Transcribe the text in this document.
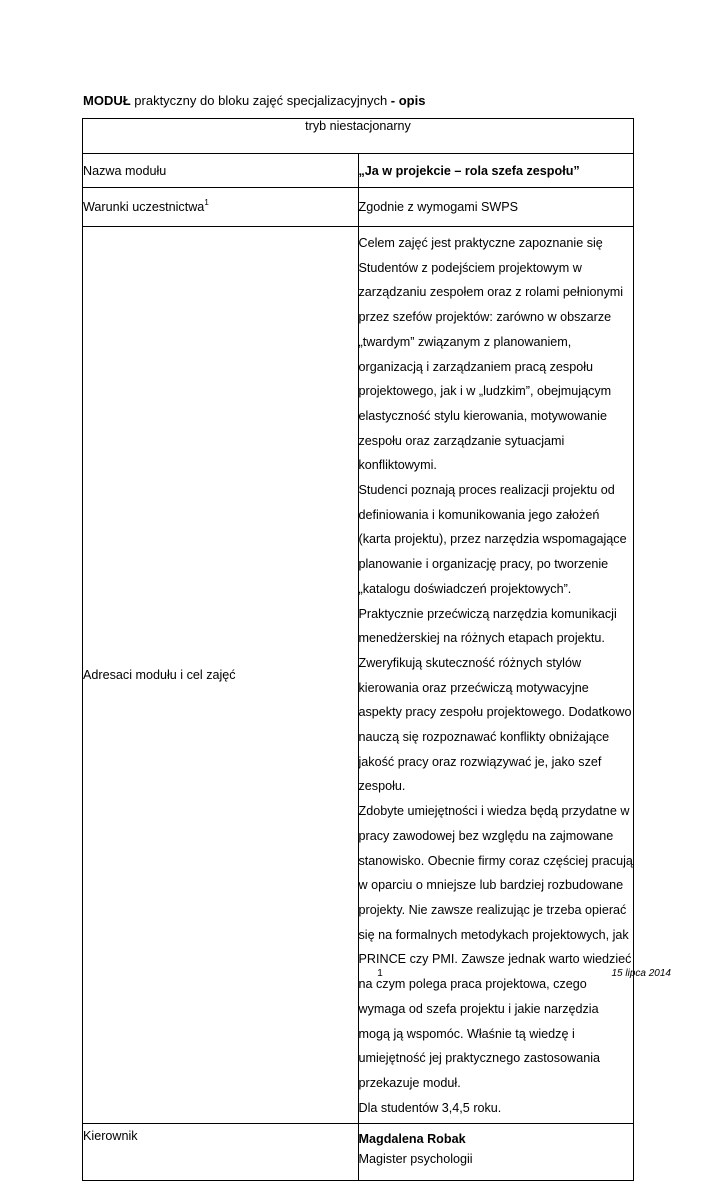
MODUŁ praktyczny do bloku zajęć specjalizacyjnych - opis
tryb niestacjonarny	
Nazwa modułu	„Ja w projekcie – rola szefa zespołu”
Warunki uczestnictwa$^1$	Zgodnie z wymogami SWPS
Adresaci modułu i cel zajęć	Celem zajęć jest praktyczne zapoznanie się Studentów z podejściem projektowym w zarządzaniu zespołem oraz z rolami pełnionymi przez szefów projektów: zarówno w obszarze „twardym” związanym z planowaniem, organizacją i zarządzaniem pracą zespołu projektowego, jak i w „ludzkim”, obejmującym elastyczność stylu kierowania, motywowanie zespołu oraz zarządzanie sytuacjami konfliktowymi.
Studenci poznają proces realizacji projektu od definiowania i komunikowania jego założeń (karta projektu), przez narzędzia wspomagające planowanie i organizację pracy, po tworzenie „katalogu doświadczeń projektowych”. Praktycznie przećwiczą narzędzia komunikacji menedżerskiej na różnych etapach projektu. Zweryfikują skuteczność różnych stylów kierowania oraz przećwiczą motywacyjne aspekty pracy zespołu projektowego. Dodatkowo nauczą się rozpoznawać konflikty obniżające jakość pracy oraz rozwiązywać je, jako szef zespołu.
Zdobyte umiejętności i wiedza będą przydatne w pracy zawodowej bez względu na zajmowane stanowisko. Obecnie firmy coraz częściej pracują w oparciu o mniejsze lub bardziej rozbudowane projekty. Nie zawsze realizując je trzeba opierać się na formalnych metodykach projektowych, jak PRINCE czy PMI. Zawsze jednak warto wiedzieć na czym polega praca projektowa, czego wymaga od szefa projektu i jakie narzędzia mogą ją wspomóc. Właśnie tą wiedzę i umiejętność jej praktycznego zastosowania przekazuje moduł.
Dla studentów 3,4,5 roku.

Kierownik	Magdalena Robak
Magister psychologii
1	15 lipca 2014
